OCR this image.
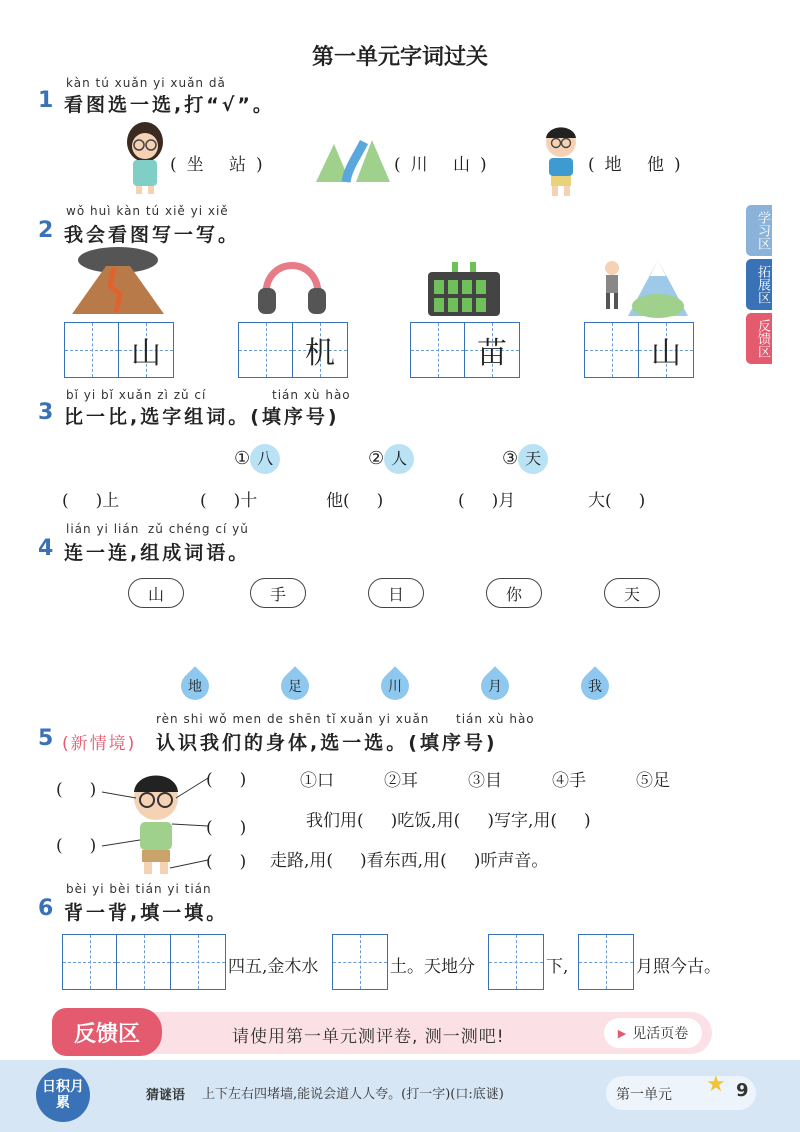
第一单元字词过关
学习区
拓展区
反馈区
kàn tú xuǎn yi xuǎn dǎ
1 看图选一选,打“√”。
(坐 站)	(川 山)	(地 他)
wǒ huì kàn tú xiě yi xiě
2 我会看图写一写。
山	机	苗	山
bǐ yi bǐ xuǎn zì zǔ cí	tián xù hào
3 比一比,选字组词。(填序号)
① 八	② 人	③ 天
(     )上	(     )十	他(     )	(     )月	大(     )
lián yi lián zǔ chéng cí yǔ
4 连一连,组成词语。
山	手	日	你	天
地	足	川	月	我
rèn shi wǒ men de shēn tǐ xuǎn yi xuǎn tián xù hào
5 (新情境) 认识我们的身体,选一选。(填序号)
(     )
(     )
(     )
(     )
(     )
①口	②耳	③目	④手	⑤足
我们用(     )吃饭,用(     )写字,用(     )
走路,用(     )看东西,用(     )听声音。
bèi yi bèi tián yi tián
6 背一背,填一填。
四五,金木水	土。天地分	下,	月照今古。
反馈区	请使用第一单元测评卷, 测一测吧!	▶ 见活页卷
日积月累	猜谜语 上下左右四堵墙,能说会道人人夸。(打一字)(口:底谜)	第一单元 ★ 9
